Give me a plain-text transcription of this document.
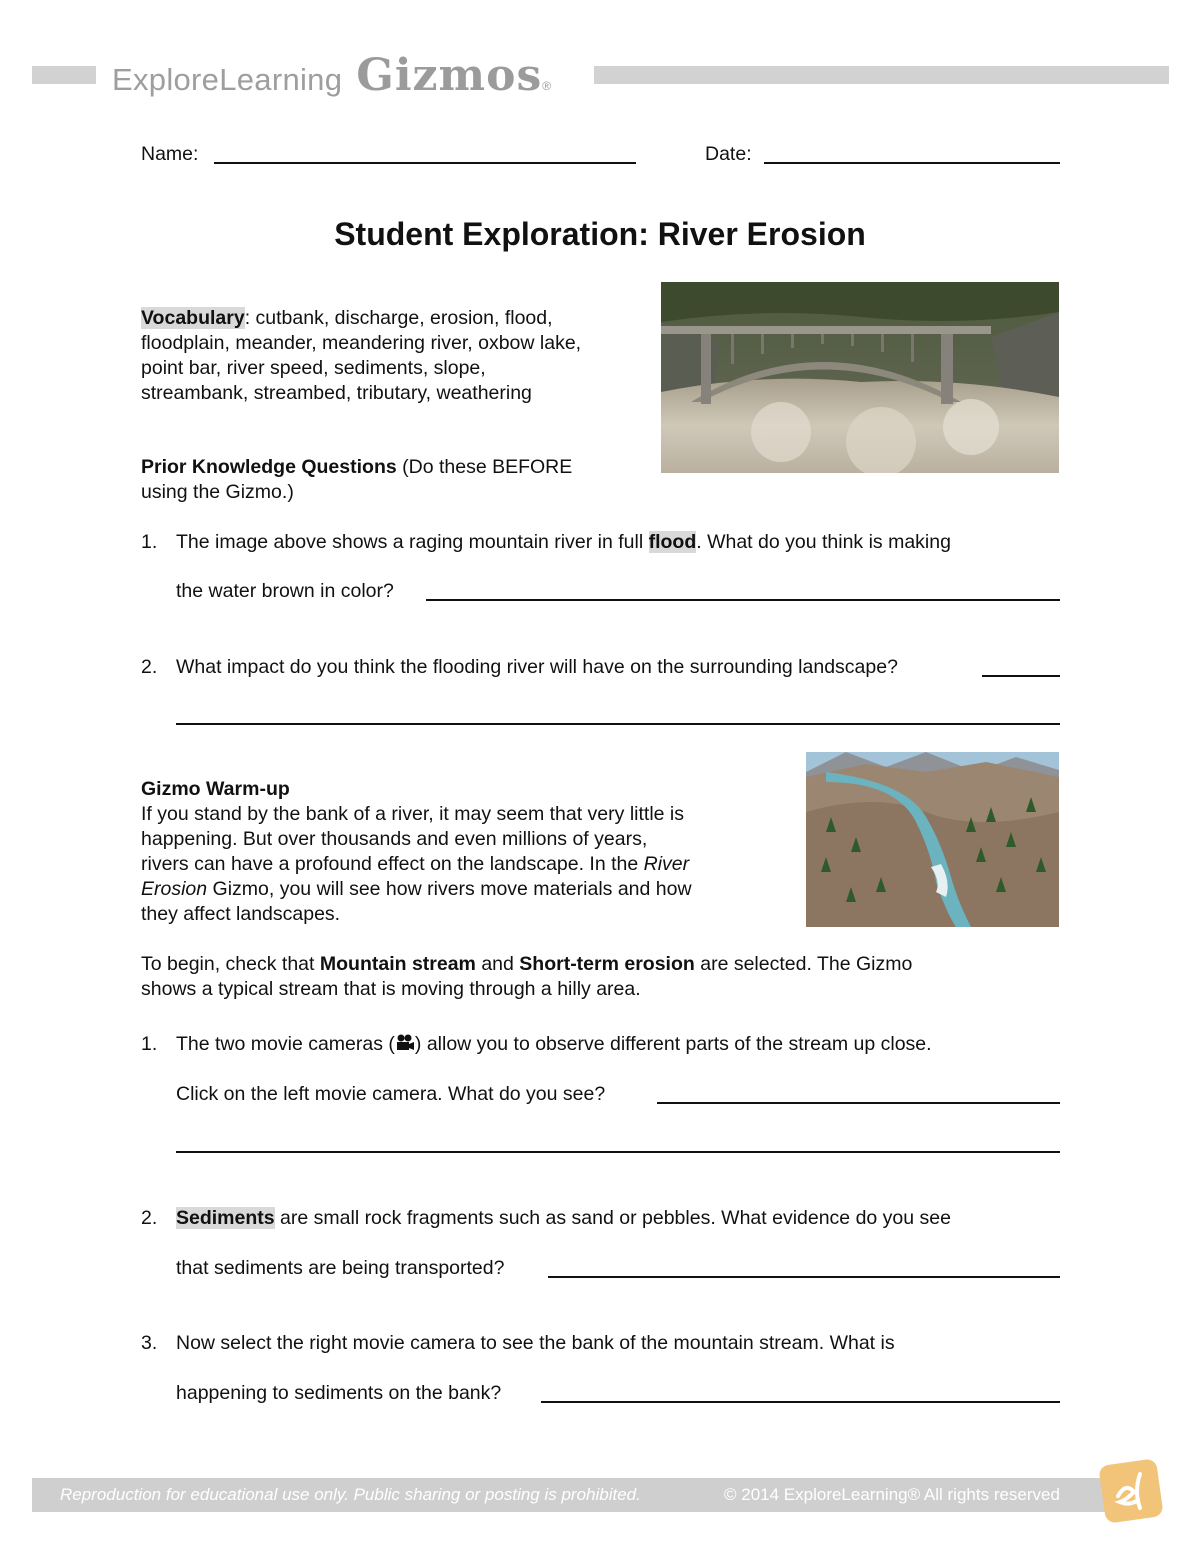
ExploreLearning Gizmos ®
Name:	Date:
Student Exploration: River Erosion
Vocabulary: cutbank, discharge, erosion, flood,
floodplain, meander, meandering river, oxbow lake,
point bar, river speed, sediments, slope,
streambank, streambed, tributary, weathering
Prior Knowledge Questions (Do these BEFORE
using the Gizmo.)
1. The image above shows a raging mountain river in full flood. What do you think is making
the water brown in color?
2. What impact do you think the flooding river will have on the surrounding landscape?
Gizmo Warm-up
If you stand by the bank of a river, it may seem that very little is
happening. But over thousands and even millions of years,
rivers can have a profound effect on the landscape. In the River
Erosion Gizmo, you will see how rivers move materials and how
they affect landscapes.
To begin, check that Mountain stream and Short-term erosion are selected. The Gizmo
shows a typical stream that is moving through a hilly area.
1. The two movie cameras ( ) allow you to observe different parts of the stream up close.
Click on the left movie camera. What do you see?
2. Sediments are small rock fragments such as sand or pebbles. What evidence do you see
that sediments are being transported?
3. Now select the right movie camera to see the bank of the mountain stream. What is
happening to sediments on the bank?
Reproduction for educational use only. Public sharing or posting is prohibited.	© 2014 ExploreLearning® All rights reserved
